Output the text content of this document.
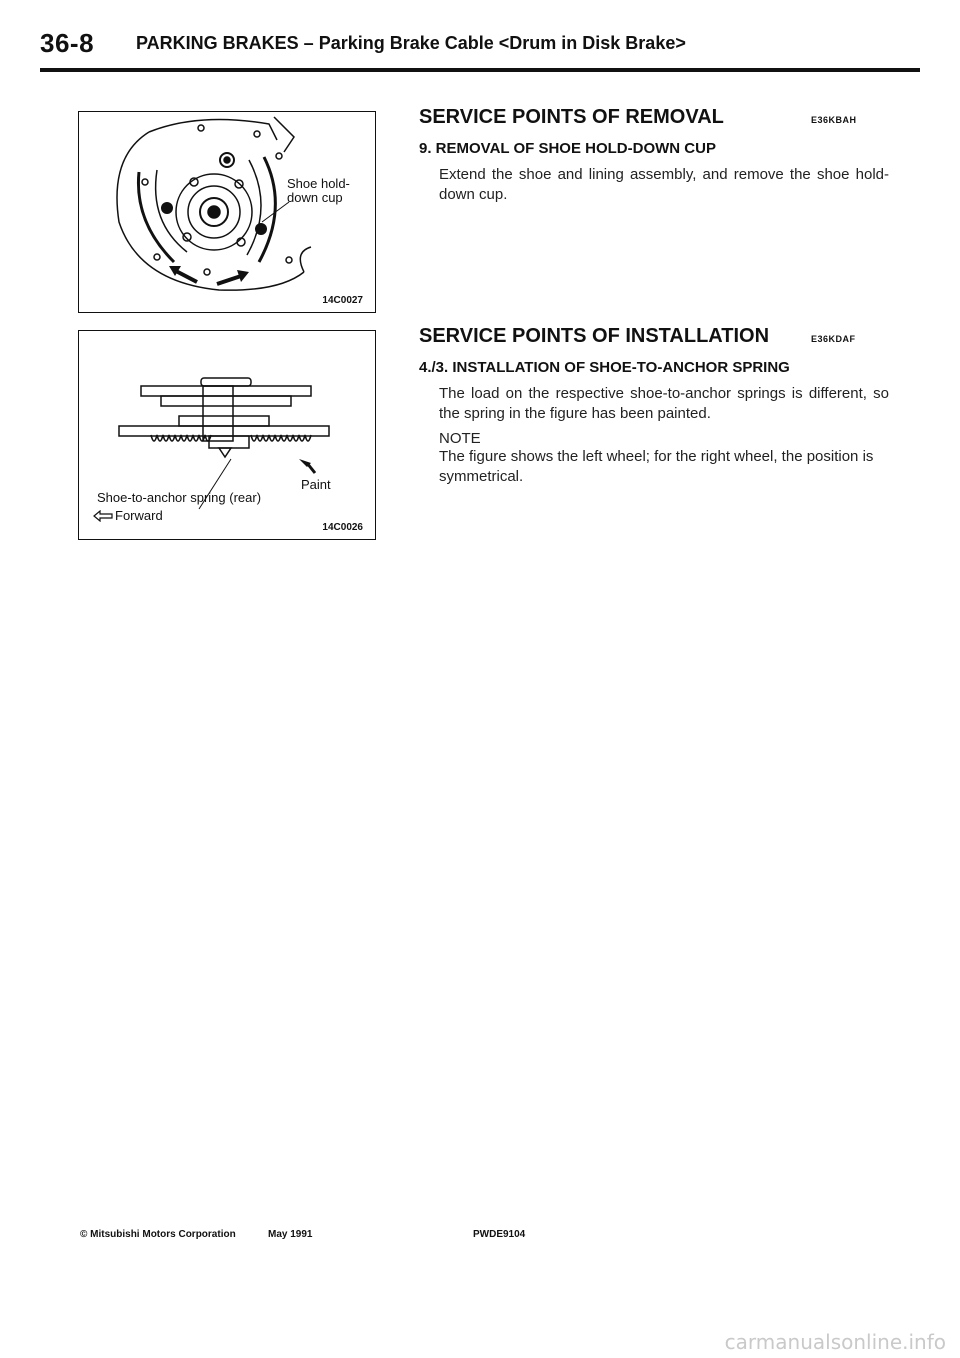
36-8 PARKING BRAKES – Parking Brake Cable <Drum in Disk Brake>
Shoe hold-down cup
14C0027
Paint
Shoe-to-anchor spring (rear)
Forward
14C0026
SERVICE POINTS OF REMOVAL	E36KBAH
9. REMOVAL OF SHOE HOLD-DOWN CUP
Extend the shoe and lining assembly, and remove the shoe hold-down cup.
SERVICE POINTS OF INSTALLATION	E36KDAF
4./3. INSTALLATION OF SHOE-TO-ANCHOR SPRING
The load on the respective shoe-to-anchor springs is different, so the spring in the figure has been painted.
NOTE
The figure shows the left wheel; for the right wheel, the position is symmetrical.
© Mitsubishi Motors Corporation	May 1991	PWDE9104
carmanualsonline.info
